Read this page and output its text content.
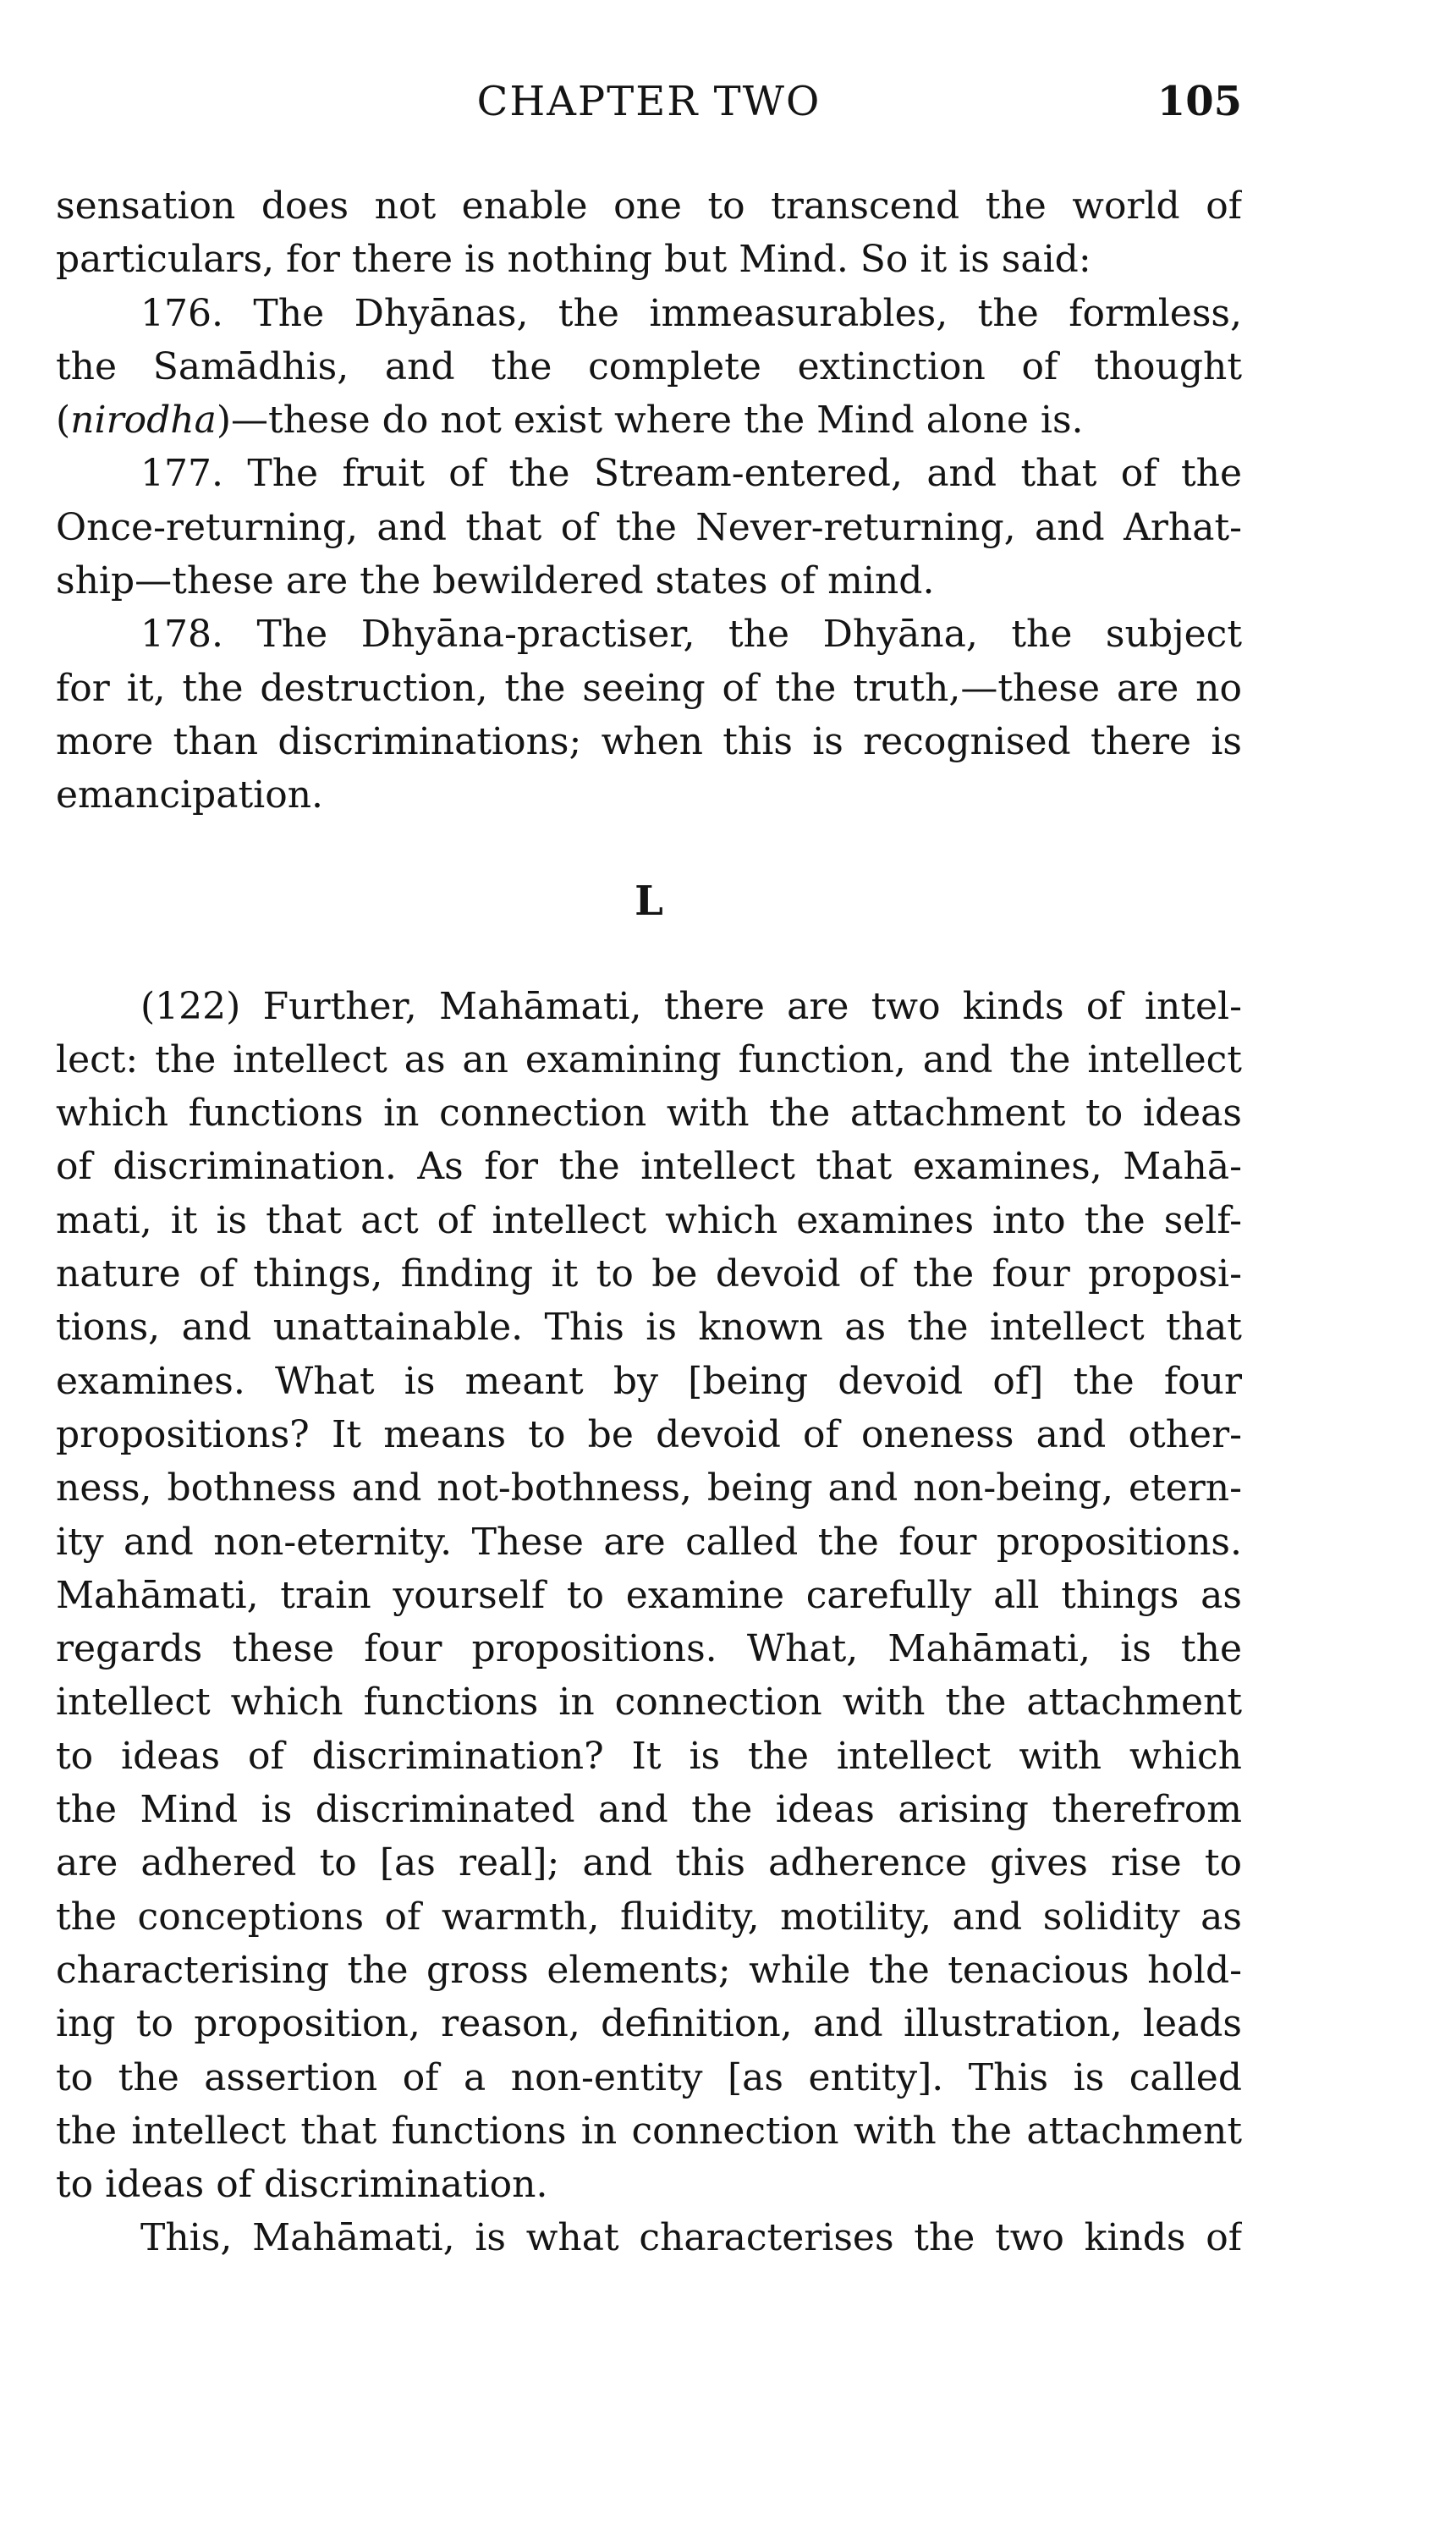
CHAPTER TWO	105
sensation does not enable one to transcend the world of
particulars, for there is nothing but Mind. So it is said:
176. The Dhyānas, the immeasurables, the formless,
the Samādhis, and the complete extinction of thought
(nirodha)—these do not exist where the Mind alone is.
177. The fruit of the Stream-entered, and that of the
Once-returning, and that of the Never-returning, and Arhat-
ship—these are the bewildered states of mind.
178. The Dhyāna-practiser, the Dhyāna, the subject
for it, the destruction, the seeing of the truth,—these are no
more than discriminations; when this is recognised there is
emancipation.
L
(122) Further, Mahāmati, there are two kinds of intel-
lect: the intellect as an examining function, and the intellect
which functions in connection with the attachment to ideas
of discrimination. As for the intellect that examines, Mahā-
mati, it is that act of intellect which examines into the self-
nature of things, finding it to be devoid of the four proposi-
tions, and unattainable. This is known as the intellect that
examines. What is meant by [being devoid of] the four
propositions? It means to be devoid of oneness and other-
ness, bothness and not-bothness, being and non-being, etern-
ity and non-eternity. These are called the four propositions.
Mahāmati, train yourself to examine carefully all things as
regards these four propositions. What, Mahāmati, is the
intellect which functions in connection with the attachment
to ideas of discrimination? It is the intellect with which
the Mind is discriminated and the ideas arising therefrom
are adhered to [as real]; and this adherence gives rise to
the conceptions of warmth, fluidity, motility, and solidity as
characterising the gross elements; while the tenacious hold-
ing to proposition, reason, definition, and illustration, leads
to the assertion of a non-entity [as entity]. This is called
the intellect that functions in connection with the attachment
to ideas of discrimination.
This, Mahāmati, is what characterises the two kinds of
